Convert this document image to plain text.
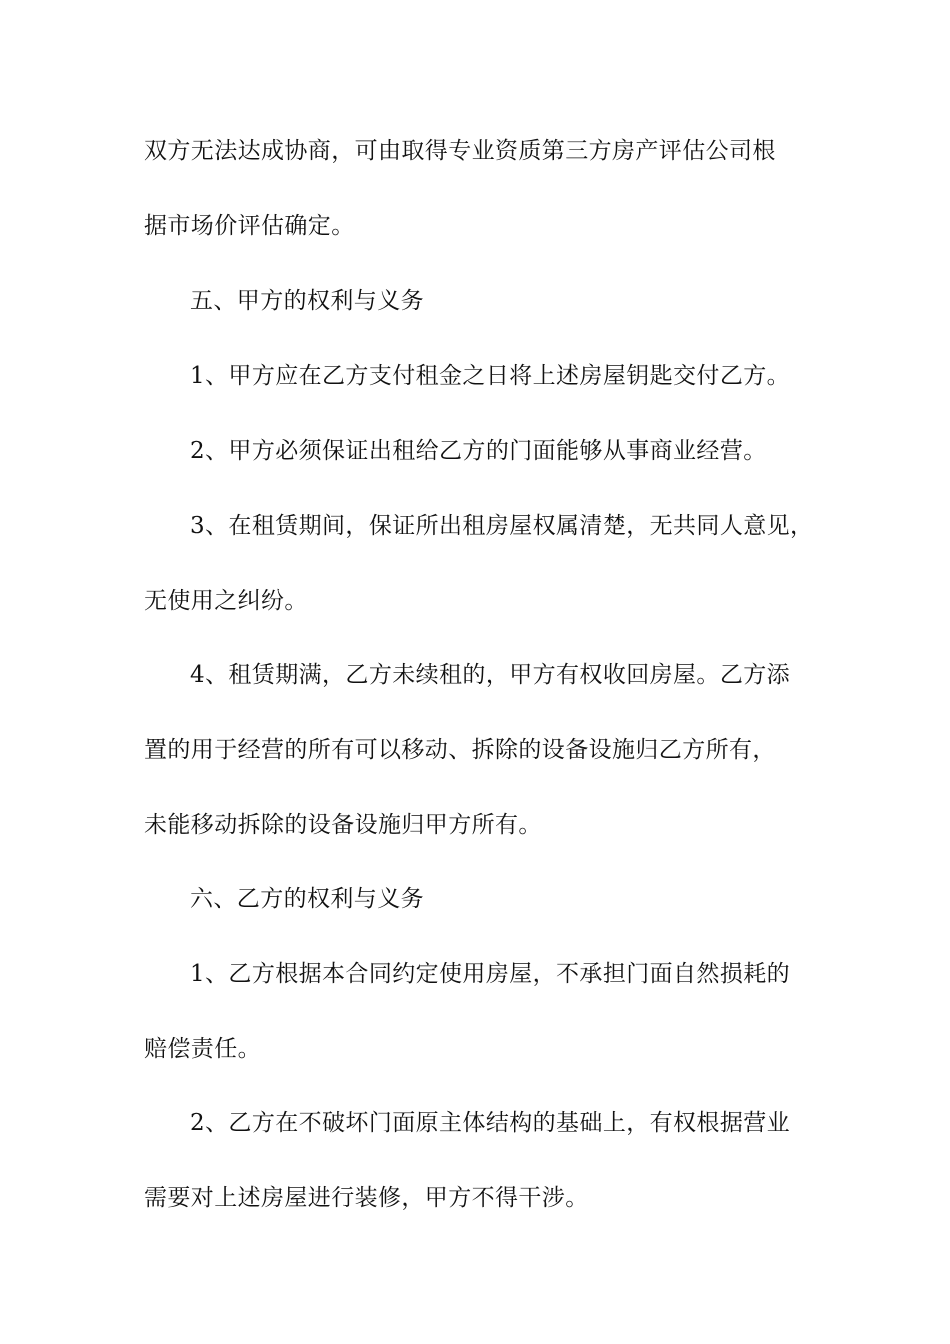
双方无法达成协商，可由取得专业资质第三方房产评估公司根
据市场价评估确定。
五、甲方的权利与义务
1、甲方应在乙方支付租金之日将上述房屋钥匙交付乙方。
2、甲方必须保证出租给乙方的门面能够从事商业经营。
3、在租赁期间，保证所出租房屋权属清楚，无共同人意见，
无使用之纠纷。
4、租赁期满，乙方未续租的，甲方有权收回房屋。乙方添
置的用于经营的所有可以移动、拆除的设备设施归乙方所有，
未能移动拆除的设备设施归甲方所有。
六、乙方的权利与义务
1、乙方根据本合同约定使用房屋，不承担门面自然损耗的
赔偿责任。
2、乙方在不破坏门面原主体结构的基础上，有权根据营业
需要对上述房屋进行装修，甲方不得干涉。
